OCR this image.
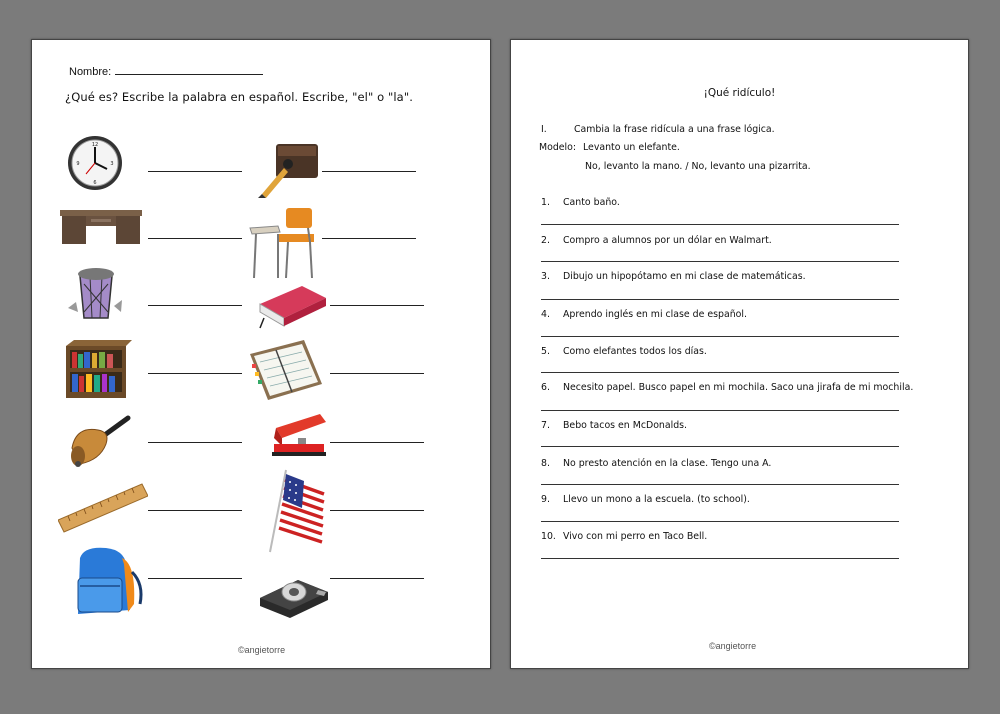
Nombre:
¿Qué es? Escribe la palabra en español. Escribe, "el" o "la".
12
3
6
9
©angietorre
¡Qué ridículo!
I.	Cambia la frase ridícula a una frase lógica.
Modelo: Levanto un elefante.
No, levanto la mano. / No, levanto una pizarrita.
1. Canto baño.
2. Compro a alumnos por un dólar en Walmart.
3. Dibujo un hipopótamo en mi clase de matemáticas.
4. Aprendo inglés en mi clase de español.
5. Como elefantes todos los días.
6. Necesito papel. Busco papel en mi mochila. Saco una jirafa de mi mochila.
7. Bebo tacos en McDonalds.
8. No presto atención en la clase. Tengo una A.
9. Llevo un mono a la escuela. (to school).
10. Vivo con mi perro en Taco Bell.
©angietorre
